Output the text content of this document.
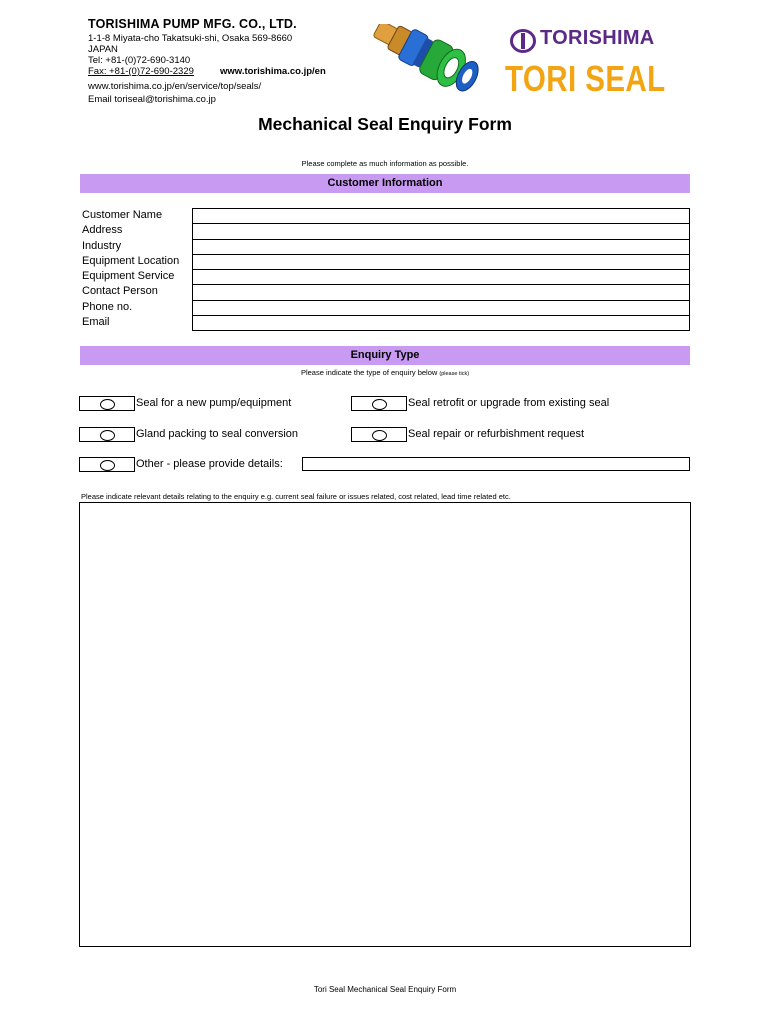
TORISHIMA PUMP MFG. CO., LTD.
1-1-8 Miyata-cho Takatsuki-shi, Osaka 569-8660
JAPAN
Tel: +81-(0)72-690-3140
Fax: +81-(0)72-690-2329	www.torishima.co.jp/en
www.torishima.co.jp/en/service/top/seals/
Email toriseal@torishima.co.jp
TORISHIMA
TORI SEAL
Mechanical Seal Enquiry Form
Please complete as much information as possible.
Customer Information
Customer Name
Address
Industry
Equipment Location
Equipment Service
Contact Person
Phone no.
Email
Enquiry Type
Please indicate the type of enquiry below (please tick)
Seal for a new pump/equipment	Seal retrofit or upgrade from existing seal
Gland packing to seal conversion	Seal repair or refurbishment request
Other - please provide details:
Please indicate relevant details relating to the enquiry e.g. current seal failure or issues related, cost related, lead time related etc.
Tori Seal Mechanical Seal Enquiry Form
